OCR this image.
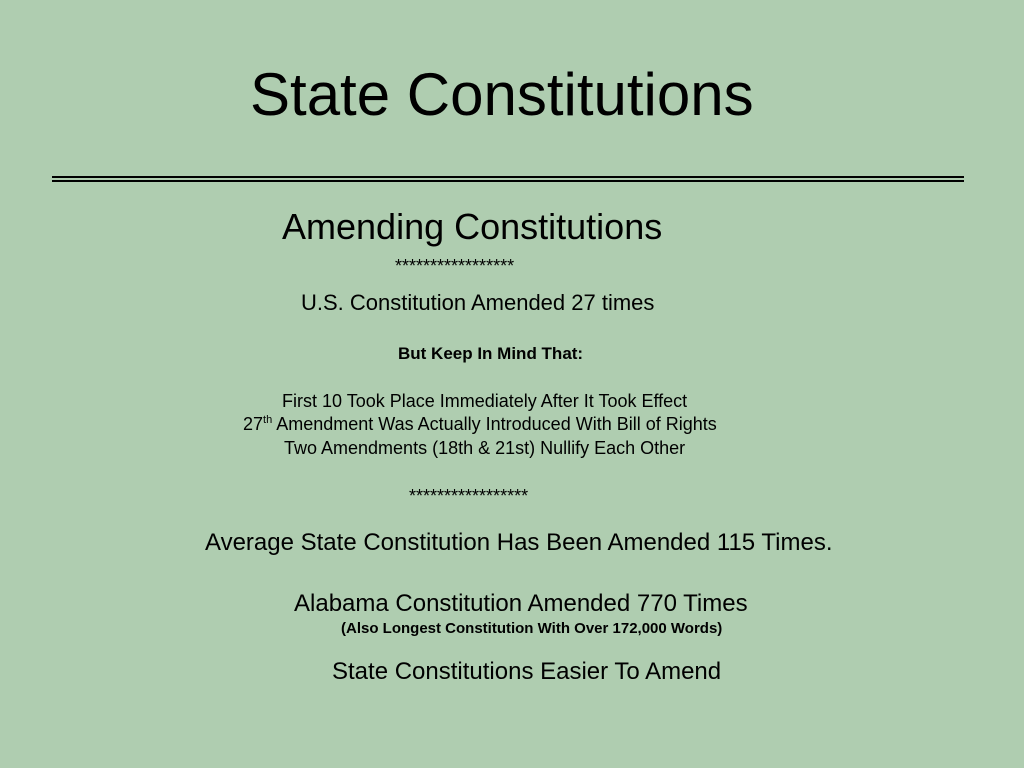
State Constitutions
Amending Constitutions
*****************
U.S. Constitution Amended 27 times
But Keep In Mind That:
First 10 Took Place Immediately After It Took Effect
27th Amendment Was Actually Introduced With Bill of Rights
Two Amendments (18th & 21st) Nullify Each Other
*****************
Average State Constitution Has Been Amended 115 Times.
Alabama Constitution Amended 770 Times
(Also Longest Constitution With Over 172,000 Words)
State Constitutions Easier To Amend
